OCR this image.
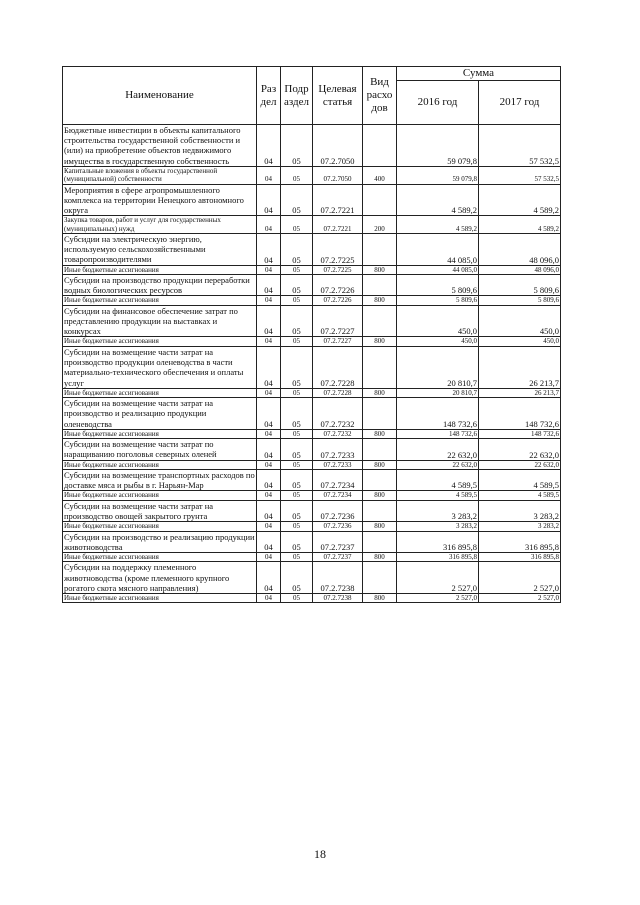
Наименование	Раз дел	Подр аздел	Целевая статья	Вид расхо дов	Сумма	
					2016 год	2017 год
Бюджетные инвестиции в объекты капитального строительства государственной собственности и (или) на приобретение объектов недвижимого имущества в государственную собственность	04	05	07.2.7050		59 079,8	57 532,5
Капитальные вложения в объекты государственной (муниципальной) собственности	04	05	07.2.7050	400	59 079,8	57 532,5
Мероприятия в сфере агропромышленного комплекса на территории Ненецкого автономного округа	04	05	07.2.7221		4 589,2	4 589,2
Закупка товаров, работ и услуг для государственных (муниципальных) нужд	04	05	07.2.7221	200	4 589,2	4 589,2
Субсидии на электрическую энергию, используемую сельскохозяйственными товаропроизводителями	04	05	07.2.7225		44 085,0	48 096,0
Иные бюджетные ассигнования	04	05	07.2.7225	800	44 085,0	48 096,0
Субсидии на производство продукции переработки водных биологических ресурсов	04	05	07.2.7226		5 809,6	5 809,6
Иные бюджетные ассигнования	04	05	07.2.7226	800	5 809,6	5 809,6
Субсидии на финансовое обеспечение затрат по представлению продукции на выставках и конкурсах	04	05	07.2.7227		450,0	450,0
Иные бюджетные ассигнования	04	05	07.2.7227	800	450,0	450,0
Субсидии на возмещение части затрат на производство продукции оленеводства в части материально-технического обеспечения и оплаты услуг	04	05	07.2.7228		20 810,7	26 213,7
Иные бюджетные ассигнования	04	05	07.2.7228	800	20 810,7	26 213,7
Субсидии на возмещение части затрат на производство и реализацию продукции оленеводства	04	05	07.2.7232		148 732,6	148 732,6
Иные бюджетные ассигнования	04	05	07.2.7232	800	148 732,6	148 732,6
Субсидии на возмещение части затрат по наращиванию поголовья северных оленей	04	05	07.2.7233		22 632,0	22 632,0
Иные бюджетные ассигнования	04	05	07.2.7233	800	22 632,0	22 632,0
Субсидии на возмещение транспортных расходов по доставке мяса и рыбы в г. Нарьян-Мар	04	05	07.2.7234		4 589,5	4 589,5
Иные бюджетные ассигнования	04	05	07.2.7234	800	4 589,5	4 589,5
Субсидии на возмещение части затрат на производство овощей закрытого грунта	04	05	07.2.7236		3 283,2	3 283,2
Иные бюджетные ассигнования	04	05	07.2.7236	800	3 283,2	3 283,2
Субсидии на производство и реализацию продукции животноводства	04	05	07.2.7237		316 895,8	316 895,8
Иные бюджетные ассигнования	04	05	07.2.7237	800	316 895,8	316 895,8
Субсидии на поддержку племенного животноводства (кроме племенного крупного рогатого скота мясного направления)	04	05	07.2.7238		2 527,0	2 527,0
Иные бюджетные ассигнования	04	05	07.2.7238	800	2 527,0	2 527,0
18
